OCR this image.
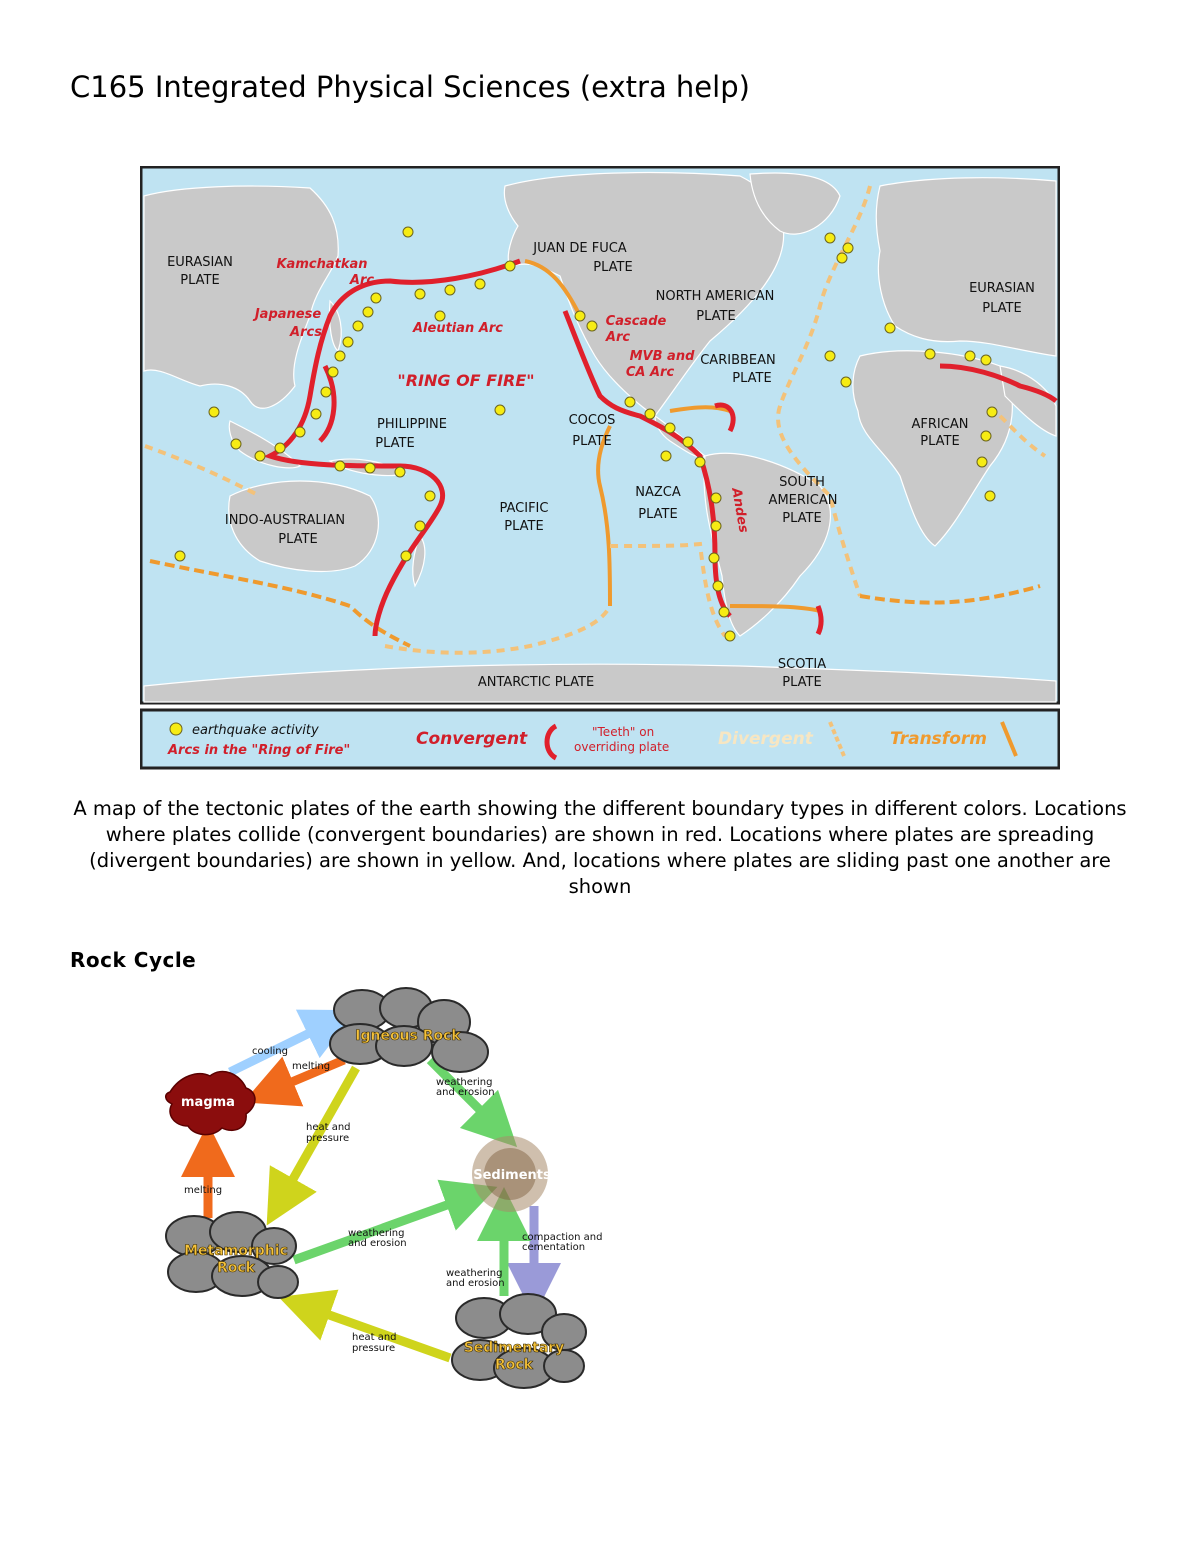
C165 Integrated Physical Sciences (extra help)
EURASIAN
PLATE
JUAN DE FUCA
PLATE
NORTH AMERICAN
PLATE
EURASIAN
PLATE
CARIBBEAN
PLATE
PHILIPPINE
PLATE
COCOS
PLATE
AFRICAN
PLATE
NAZCA
PLATE
SOUTH
AMERICAN
PLATE
PACIFIC
PLATE
INDO-AUSTRALIAN
PLATE
SCOTIA
PLATE
ANTARCTIC PLATE
Kamchatkan
Arc
Japanese
Arcs	Aleutian Arc	Cascade
Arc
MVB and
CA Arc
Andes
"RING OF FIRE"
earthquake activity
Arcs in the "Ring of Fire"
Convergent	"Teeth" on
overriding plate	Divergent	Transform

A map of the tectonic plates of the earth showing the different boundary types in different colors. Locations where plates collide (convergent boundaries) are shown in red. Locations where plates are spreading (divergent boundaries) are shown in yellow. And, locations where plates are sliding past one another are shown

Rock Cycle
Igneous Rock
magma
Sediments
Metamorphic
Rock
Sedimentary
Rock
cooling
melting
weathering
and erosion
heat and
pressure
melting
weathering
and erosion
compaction and
cementation
weathering
and erosion
heat and
pressure
